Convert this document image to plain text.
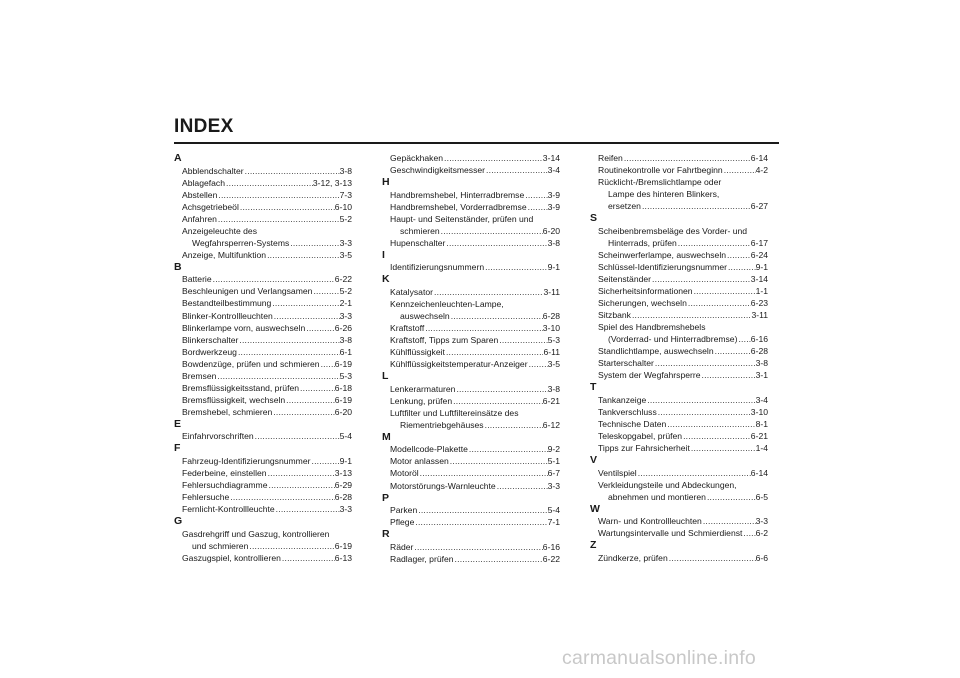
INDEX
A
Abblendschalter .....	3-8
Ablagefach .....	3-12, 3-13
Abstellen .....	7-3
Achsgetriebeöl .....	6-10
Anfahren .....	5-2
Anzeigeleuchte des
Wegfahrsperren-Systems .....	3-3
Anzeige, Multifunktion .....	3-5
B
Batterie .....	6-22
Beschleunigen und Verlangsamen .....	5-2
Bestandteilbestimmung .....	2-1
Blinker-Kontrollleuchten .....	3-3
Blinkerlampe vorn, auswechseln .....	6-26
Blinkerschalter .....	3-8
Bordwerkzeug .....	6-1
Bowdenzüge, prüfen und schmieren ..... 6-19
Bremsen .....	5-3
Bremsflüssigkeitsstand, prüfen .....	6-18
Bremsflüssigkeit, wechseln .....	6-19
Bremshebel, schmieren .....	6-20
E
Einfahrvorschriften .....	5-4
F
Fahrzeug-Identifizierungsnummer .....	9-1
Federbeine, einstellen .....	3-13
Fehlersuchdiagramme .....	6-29
Fehlersuche .....	6-28
Fernlicht-Kontrollleuchte .....	3-3
G
Gasdrehgriff und Gaszug, kontrollieren
und schmieren .....	6-19
Gaszugspiel, kontrollieren .....	6-13
Gepäckhaken .....	3-14
Geschwindigkeitsmesser .....	3-4
H
Handbremshebel, Hinterradbremse .....	3-9
Handbremshebel, Vorderradbremse ..... 3-9
Haupt- und Seitenständer, prüfen und
schmieren .....	6-20
Hupenschalter .....	3-8
I
Identifizierungsnummern .....	9-1
K
Katalysator .....	3-11
Kennzeichenleuchten-Lampe,
auswechseln .....	6-28
Kraftstoff .....	3-10
Kraftstoff, Tipps zum Sparen .....	5-3
Kühlflüssigkeit .....	6-11
Kühlflüssigkeitstemperatur-Anzeiger ..... 3-5
L
Lenkerarmaturen .....	3-8
Lenkung, prüfen .....	6-21
Luftfilter und Luftfiltereinsätze des
Riementriebgehäuses .....	6-12
M
Modellcode-Plakette .....	9-2
Motor anlassen .....	5-1
Motoröl .....	6-7
Motorstörungs-Warnleuchte .....	3-3
P
Parken .....	5-4
Pflege .....	7-1
R
Räder .....	6-16
Radlager, prüfen .....	6-22
Reifen .....	6-14
Routinekontrolle vor Fahrtbeginn .....	4-2
Rücklicht-/Bremslichtlampe oder
Lampe des hinteren Blinkers,
ersetzen .....	6-27
S
Scheibenbremsbeläge des Vorder- und
Hinterrads, prüfen .....	6-17
Scheinwerferlampe, auswechseln .....	6-24
Schlüssel-Identifizierungsnummer .....	9-1
Seitenständer .....	3-14
Sicherheitsinformationen .....	1-1
Sicherungen, wechseln .....	6-23
Sitzbank .....	3-11
Spiel des Handbremshebels
(Vorderrad- und Hinterradbremse) ..... 6-16
Standlichtlampe, auswechseln .....	6-28
Starterschalter .....	3-8
System der Wegfahrsperre .....	3-1
T
Tankanzeige .....	3-4
Tankverschluss .....	3-10
Technische Daten .....	8-1
Teleskopgabel, prüfen .....	6-21
Tipps zur Fahrsicherheit .....	1-4
V
Ventilspiel .....	6-14
Verkleidungsteile und Abdeckungen,
abnehmen und montieren .....	6-5
W
Warn- und Kontrollleuchten .....	3-3
Wartungsintervalle und Schmierdienst ..... 6-2
Z
Zündkerze, prüfen .....	6-6
carmanualsonline.info
